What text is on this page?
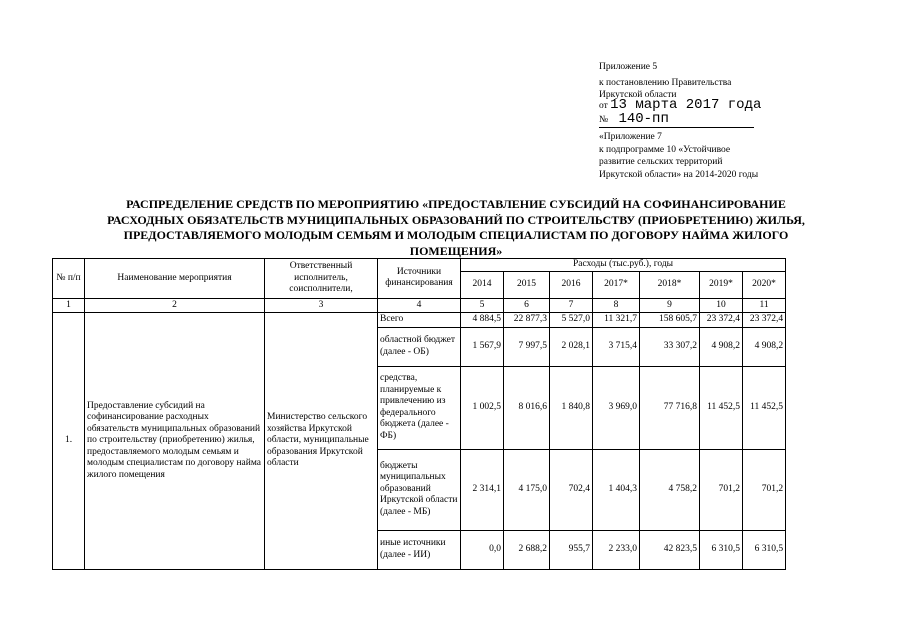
Приложение 5
к постановлению Правительства
Иркутской области
от 13 марта 2017 года
№ 140-пп
«Приложение 7
к подпрограмме 10 «Устойчивое
развитие сельских территорий
Иркутской области» на 2014-2020 годы
РАСПРЕДЕЛЕНИЕ СРЕДСТВ ПО МЕРОПРИЯТИЮ «ПРЕДОСТАВЛЕНИЕ СУБСИДИЙ НА СОФИНАНСИРОВАНИЕ РАСХОДНЫХ ОБЯЗАТЕЛЬСТВ МУНИЦИПАЛЬНЫХ ОБРАЗОВАНИЙ ПО СТРОИТЕЛЬСТВУ (ПРИОБРЕТЕНИЮ) ЖИЛЬЯ, ПРЕДОСТАВЛЯЕМОГО МОЛОДЫМ СЕМЬЯМ И МОЛОДЫМ СПЕЦИАЛИСТАМ ПО ДОГОВОРУ НАЙМА ЖИЛОГО ПОМЕЩЕНИЯ»
№ п/п	Наименование мероприятия	Ответственный исполнитель, соисполнители,	Источники финансирования	Расходы (тыс.руб.), годы						
				2014	2015	2016	2017*	2018*	2019*	2020*
1	2	3	4	5	6	7	8	9	10	11
1.	Предоставление субсидий на софинансирование расходных обязательств муниципальных образований по строительству (приобретению) жилья, предоставляемого молодым семьям и молодым специалистам по договору найма жилого помещения	Министерство сельского хозяйства Иркутской области, муниципальные образования Иркутской области	Всего	4 884,5	22 877,3	5 527,0	11 321,7	158 605,7	23 372,4	23 372,4
			областной бюджет (далее - ОБ)	1 567,9	7 997,5	2 028,1	3 715,4	33 307,2	4 908,2	4 908,2
			средства, планируемые к привлечению из федерального бюджета (далее - ФБ)	1 002,5	8 016,6	1 840,8	3 969,0	77 716,8	11 452,5	11 452,5
			бюджеты муниципальных образований Иркутской области (далее - МБ)	2 314,1	4 175,0	702,4	1 404,3	4 758,2	701,2	701,2
			иные источники (далее - ИИ)	0,0	2 688,2	955,7	2 233,0	42 823,5	6 310,5	6 310,5
